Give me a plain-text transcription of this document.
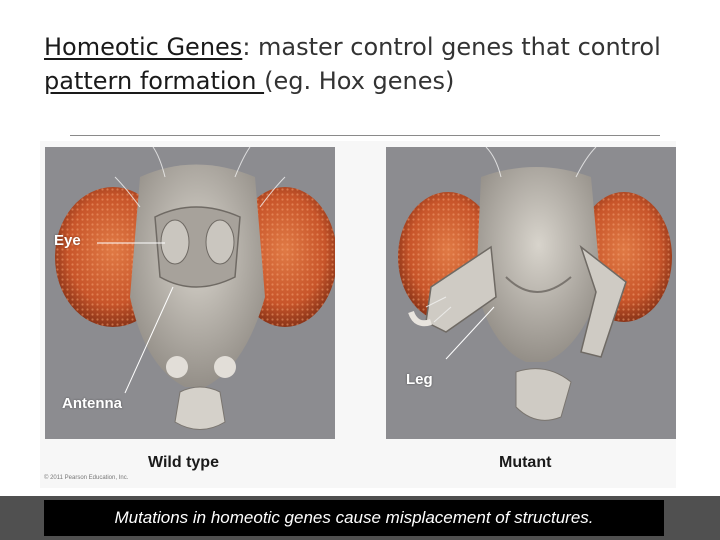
Homeotic Genes: master control genes that control pattern formation (eg. Hox genes)
Eye
Antenna
Leg
Wild type	Mutant
© 2011 Pearson Education, Inc.
Mutations in homeotic genes cause misplacement of structures.
